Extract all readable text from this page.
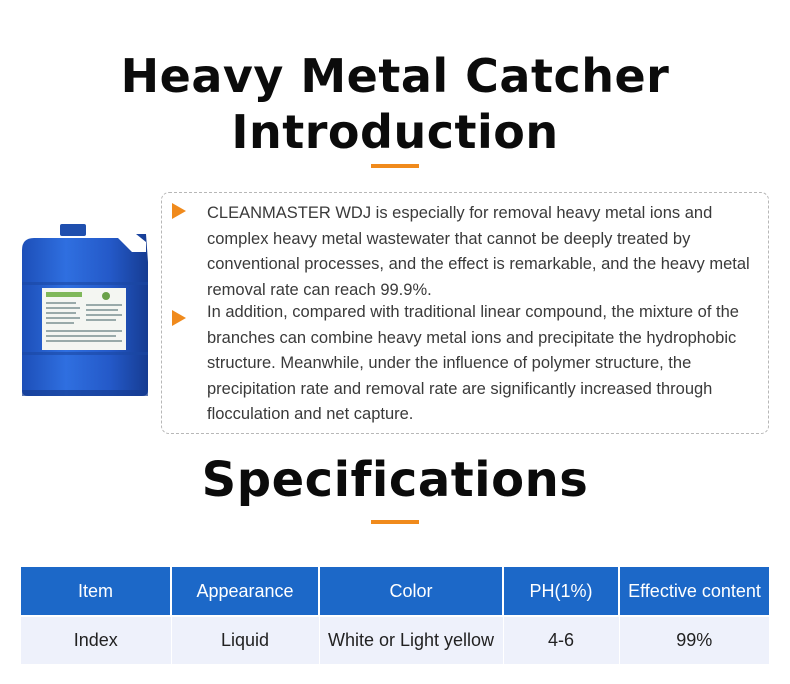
Heavy Metal Catcher
Introduction
CLEANMASTER WDJ is especially for removal heavy metal ions and complex heavy metal wastewater that cannot be deeply treated by conventional processes, and the effect is remarkable, and the heavy metal removal rate can reach 99.9%.
In addition, compared with traditional linear compound, the mixture of the branches can combine heavy metal ions and precipitate the hydrophobic structure. Meanwhile, under the influence of polymer structure, the precipitation rate and removal rate are significantly increased through flocculation and net capture.
Specifications
Item	Appearance	Color	PH(1%)	Effective content
Index	Liquid	White or Light yellow	4-6	99%
